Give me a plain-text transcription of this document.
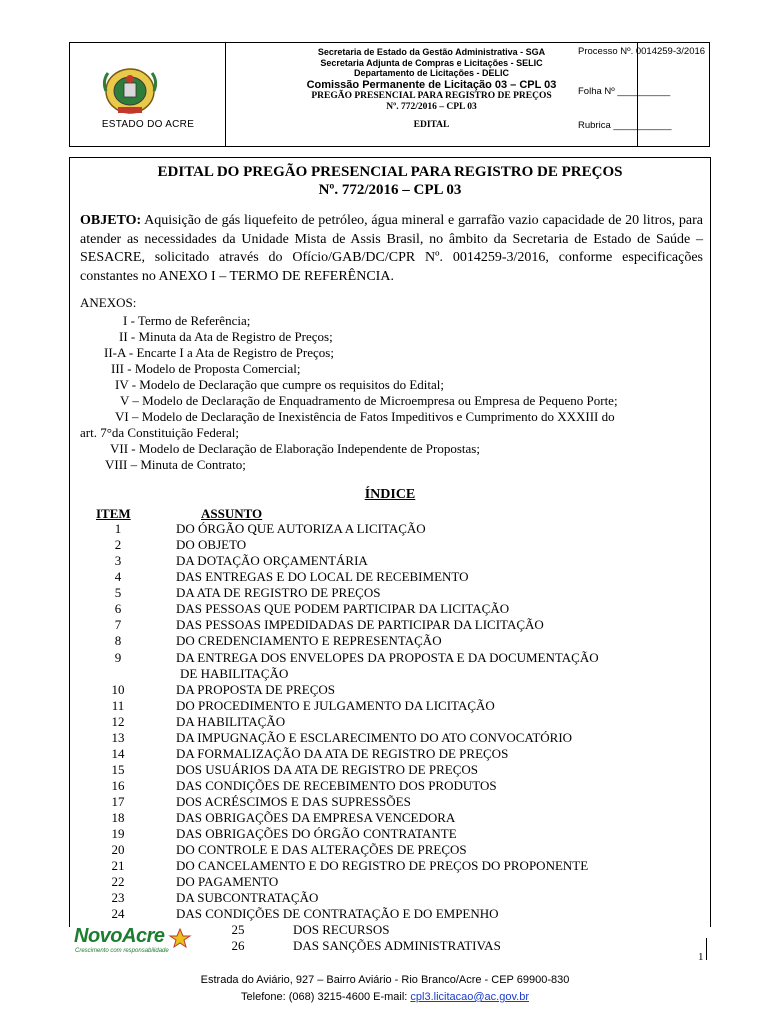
ESTADO DO ACRE
Secretaria de Estado da Gestão Administrativa - SGA
Secretaria Adjunta de Compras e Licitações - SELIC
Departamento de Licitações - DELIC
Comissão Permanente de Licitação 03 – CPL 03
PREGÃO PRESENCIAL PARA REGISTRO DE PREÇOS
Nº. 772/2016 – CPL 03
EDITAL
Processo Nº. 0014259-3/2016
Folha Nº __________
Rubrica ___________
EDITAL DO PREGÃO PRESENCIAL PARA REGISTRO DE PREÇOS
Nº. 772/2016 – CPL 03
OBJETO: Aquisição de gás liquefeito de petróleo, água mineral e garrafão vazio capacidade de 20 litros, para atender as necessidades da Unidade Mista de Assis Brasil, no âmbito da Secretaria de Estado de Saúde – SESACRE, solicitado através do Ofício/GAB/DC/CPR Nº. 0014259-3/2016, conforme especificações constantes no ANEXO I – TERMO DE REFERÊNCIA.
ANEXOS:
I - Termo de Referência;
II - Minuta da Ata de Registro de Preços;
II-A - Encarte I a Ata de Registro de Preços;
III - Modelo de Proposta Comercial;
IV - Modelo de Declaração que cumpre os requisitos do Edital;
V – Modelo de Declaração de Enquadramento de Microempresa ou Empresa de Pequeno Porte;
VI – Modelo de Declaração de Inexistência de Fatos Impeditivos e Cumprimento do XXXIII do
art. 7°da Constituição Federal;
VII - Modelo de Declaração de Elaboração Independente de Propostas;
VIII – Minuta de Contrato;
ÍNDICE
ITEM	ASSUNTO
1	DO ÓRGÃO QUE AUTORIZA A LICITAÇÃO
2	DO OBJETO
3	DA DOTAÇÃO ORÇAMENTÁRIA
4	DAS ENTREGAS E DO LOCAL DE RECEBIMENTO
5	DA ATA DE REGISTRO DE PREÇOS
6	DAS PESSOAS QUE PODEM PARTICIPAR DA LICITAÇÃO
7	DAS PESSOAS IMPEDIDADAS DE PARTICIPAR DA LICITAÇÃO
8	DO CREDENCIAMENTO E REPRESENTAÇÃO
9	DA ENTREGA DOS ENVELOPES DA PROPOSTA E DA DOCUMENTAÇÃO
DE HABILITAÇÃO
10	DA PROPOSTA DE PREÇOS
11	DO PROCEDIMENTO E JULGAMENTO DA LICITAÇÃO
12	DA HABILITAÇÃO
13	DA IMPUGNAÇÃO E ESCLARECIMENTO DO ATO CONVOCATÓRIO
14	DA FORMALIZAÇÃO DA ATA DE REGISTRO DE PREÇOS
15	DOS USUÁRIOS DA ATA DE REGISTRO DE PREÇOS
16	DAS CONDIÇÕES DE RECEBIMENTO DOS PRODUTOS
17	DOS ACRÉSCIMOS E DAS SUPRESSÕES
18	DAS OBRIGAÇÕES DA EMPRESA VENCEDORA
19	DAS OBRIGAÇÕES DO ÓRGÃO CONTRATANTE
20	DO CONTROLE E DAS ALTERAÇÕES DE PREÇOS
21	DO CANCELAMENTO E DO REGISTRO DE PREÇOS DO PROPONENTE
22	DO PAGAMENTO
23	DA SUBCONTRATAÇÃO
24	DAS CONDIÇÕES DE CONTRATAÇÃO E DO EMPENHO
25	DOS RECURSOS
26	DAS SANÇÕES ADMINISTRATIVAS
NovoAcre
Crescimento com responsabilidade	1
Estrada do Aviário, 927 – Bairro Aviário - Rio Branco/Acre - CEP 69900-830
Telefone: (068) 3215-4600 E-mail: cpl3.licitacao@ac.gov.br
